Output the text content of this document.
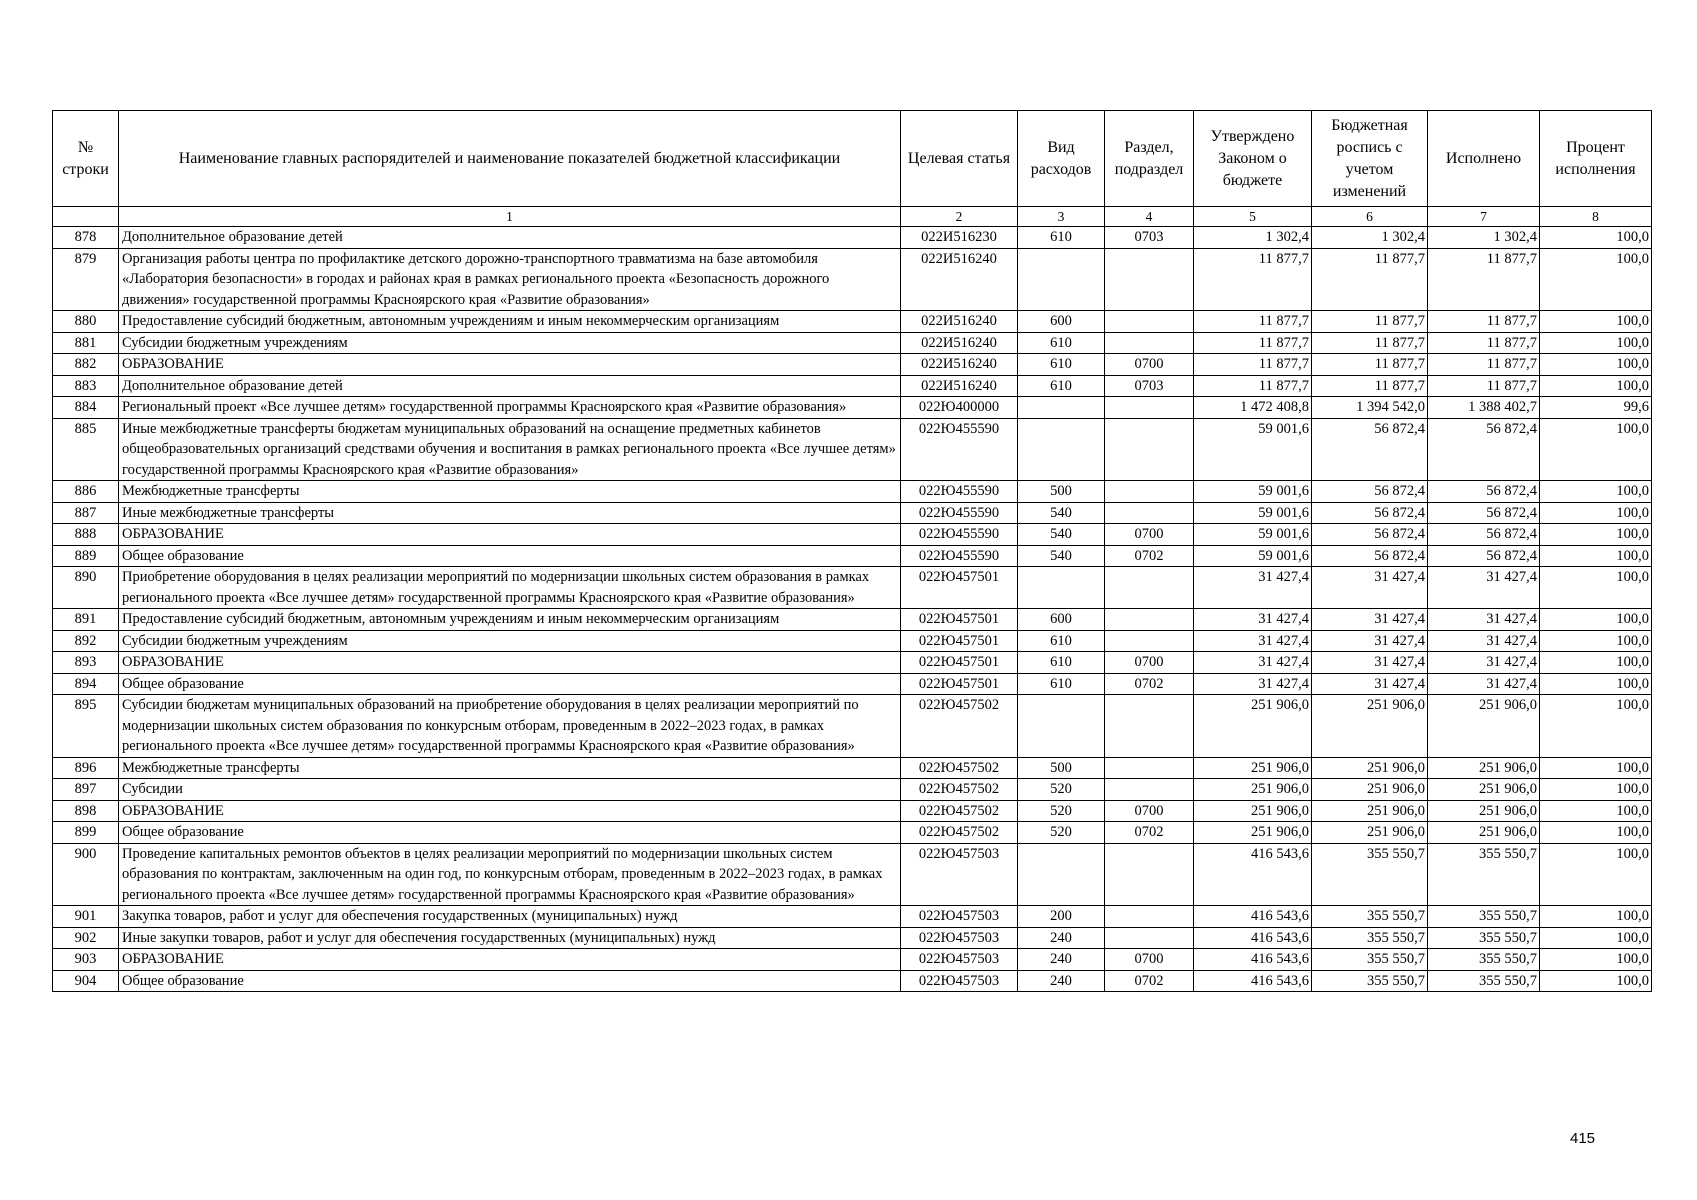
№ строки	Наименование главных распорядителей и наименование показателей бюджетной классификации	Целевая статья	Вид расходов	Раздел, подраздел	Утверждено Законом о бюджете	Бюджетная роспись с учетом изменений	Исполнено	Процент исполнения
	1	2	3	4	5	6	7	8
878	Дополнительное образование детей	022И516230	610	0703	1 302,4	1 302,4	1 302,4	100,0
879	Организация работы центра по профилактике детского дорожно-транспортного травматизма на базе автомобиля «Лаборатория безопасности» в городах и районах края в рамках регионального проекта «Безопасность дорожного движения» государственной программы Красноярского края «Развитие образования»	022И516240			11 877,7	11 877,7	11 877,7	100,0
880	Предоставление субсидий бюджетным, автономным учреждениям и иным некоммерческим организациям	022И516240	600		11 877,7	11 877,7	11 877,7	100,0
881	Субсидии бюджетным учреждениям	022И516240	610		11 877,7	11 877,7	11 877,7	100,0
882	ОБРАЗОВАНИЕ	022И516240	610	0700	11 877,7	11 877,7	11 877,7	100,0
883	Дополнительное образование детей	022И516240	610	0703	11 877,7	11 877,7	11 877,7	100,0
884	Региональный проект «Все лучшее детям» государственной программы Красноярского края «Развитие образования»	022Ю400000			1 472 408,8	1 394 542,0	1 388 402,7	99,6
885	Иные межбюджетные трансферты бюджетам муниципальных образований на оснащение предметных кабинетов общеобразовательных организаций средствами обучения и воспитания в рамках регионального проекта «Все лучшее детям» государственной программы Красноярского края «Развитие образования»	022Ю455590			59 001,6	56 872,4	56 872,4	100,0
886	Межбюджетные трансферты	022Ю455590	500		59 001,6	56 872,4	56 872,4	100,0
887	Иные межбюджетные трансферты	022Ю455590	540		59 001,6	56 872,4	56 872,4	100,0
888	ОБРАЗОВАНИЕ	022Ю455590	540	0700	59 001,6	56 872,4	56 872,4	100,0
889	Общее образование	022Ю455590	540	0702	59 001,6	56 872,4	56 872,4	100,0
890	Приобретение оборудования в целях реализации мероприятий по модернизации школьных систем образования в рамках регионального проекта «Все лучшее детям» государственной программы Красноярского края «Развитие образования»	022Ю457501			31 427,4	31 427,4	31 427,4	100,0
891	Предоставление субсидий бюджетным, автономным учреждениям и иным некоммерческим организациям	022Ю457501	600		31 427,4	31 427,4	31 427,4	100,0
892	Субсидии бюджетным учреждениям	022Ю457501	610		31 427,4	31 427,4	31 427,4	100,0
893	ОБРАЗОВАНИЕ	022Ю457501	610	0700	31 427,4	31 427,4	31 427,4	100,0
894	Общее образование	022Ю457501	610	0702	31 427,4	31 427,4	31 427,4	100,0
895	Субсидии бюджетам муниципальных образований на приобретение оборудования в целях реализации мероприятий по модернизации школьных систем образования по конкурсным отборам, проведенным в 2022–2023 годах, в рамках регионального проекта «Все лучшее детям» государственной программы Красноярского края «Развитие образования»	022Ю457502			251 906,0	251 906,0	251 906,0	100,0
896	Межбюджетные трансферты	022Ю457502	500		251 906,0	251 906,0	251 906,0	100,0
897	Субсидии	022Ю457502	520		251 906,0	251 906,0	251 906,0	100,0
898	ОБРАЗОВАНИЕ	022Ю457502	520	0700	251 906,0	251 906,0	251 906,0	100,0
899	Общее образование	022Ю457502	520	0702	251 906,0	251 906,0	251 906,0	100,0
900	Проведение капитальных ремонтов объектов в целях реализации мероприятий по модернизации школьных систем образования по контрактам, заключенным на один год, по конкурсным отборам, проведенным в 2022–2023 годах, в рамках регионального проекта «Все лучшее детям» государственной программы Красноярского края «Развитие образования»	022Ю457503			416 543,6	355 550,7	355 550,7	100,0
901	Закупка товаров, работ и услуг для обеспечения государственных (муниципальных) нужд	022Ю457503	200		416 543,6	355 550,7	355 550,7	100,0
902	Иные закупки товаров, работ и услуг для обеспечения государственных (муниципальных) нужд	022Ю457503	240		416 543,6	355 550,7	355 550,7	100,0
903	ОБРАЗОВАНИЕ	022Ю457503	240	0700	416 543,6	355 550,7	355 550,7	100,0
904	Общее образование	022Ю457503	240	0702	416 543,6	355 550,7	355 550,7	100,0
415
